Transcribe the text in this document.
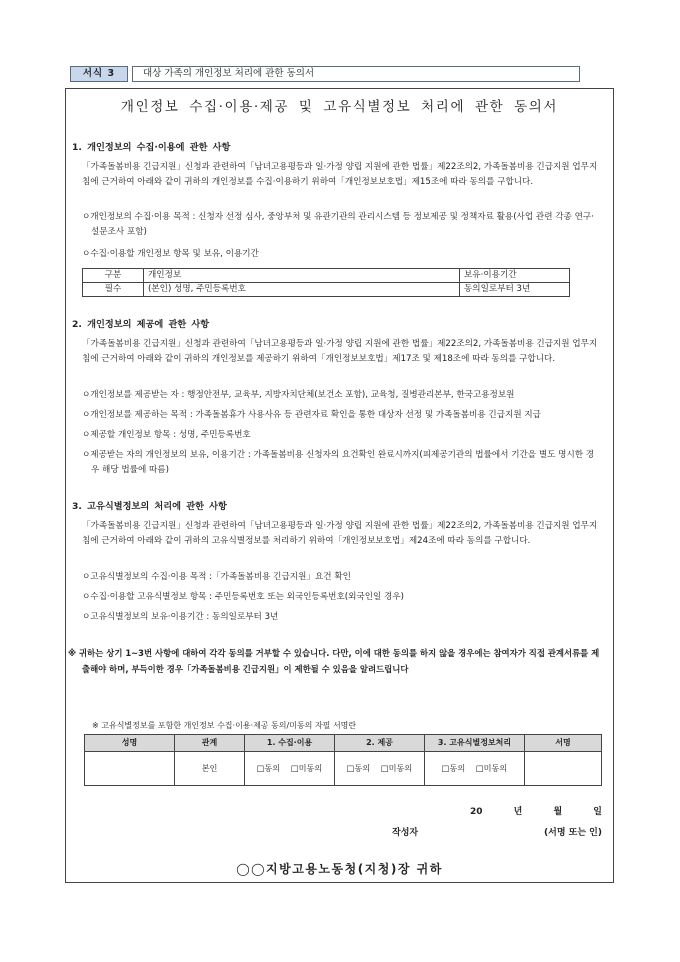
서식 3	대상 가족의 개인정보 처리에 관한 동의서
개인정보 수집·이용·제공 및 고유식별정보 처리에 관한 동의서
1. 개인정보의 수집·이용에 관한 사항
「가족돌봄비용 긴급지원」신청과 관련하여「남녀고용평등과 일·가정 양립 지원에 관한 법률」제22조의2, 가족돌봄비용 긴급지원 업무지침에 근거하여 아래와 같이 귀하의 개인정보를 수집·이용하기 위하여「개인정보보호법」제15조에 따라 동의를 구합니다.
ㅇ개인정보의 수집·이용 목적 : 신청자 선정 심사, 중앙부처 및 유관기관의 관리시스템 등 정보제공 및 정책자료 활용(사업 관련 각종 연구·설문조사 포함)
ㅇ수집·이용할 개인정보 항목 및 보유, 이용기간
구분	개인정보	보유·이용기간
필수	(본인) 성명, 주민등록번호	동의일로부터 3년
2. 개인정보의 제공에 관한 사항
「가족돌봄비용 긴급지원」신청과 관련하여「남녀고용평등과 일·가정 양립 지원에 관한 법률」제22조의2, 가족돌봄비용 긴급지원 업무지침에 근거하여 아래와 같이 귀하의 개인정보를 제공하기 위하여「개인정보보호법」제17조 및 제18조에 따라 동의를 구합니다.
ㅇ개인정보를 제공받는 자 : 행정안전부, 교육부, 지방자치단체(보건소 포함), 교육청, 질병관리본부, 한국고용정보원
ㅇ개인정보를 제공하는 목적 : 가족돌봄휴가 사용사유 등 관련자료 확인을 통한 대상자 선정 및 가족돌봄비용 긴급지원 지급
ㅇ제공할 개인정보 항목 : 성명, 주민등록번호
ㅇ제공받는 자의 개인정보의 보유, 이용기간 : 가족돌봄비용 신청자의 요건확인 완료시까지(피제공기관의 법률에서 기간을 별도 명시한 경우 해당 법률에 따름)
3. 고유식별정보의 처리에 관한 사항
「가족돌봄비용 긴급지원」신청과 관련하여「남녀고용평등과 일·가정 양립 지원에 관한 법률」제22조의2, 가족돌봄비용 긴급지원 업무지침에 근거하여 아래와 같이 귀하의 고유식별정보를 처리하기 위하여「개인정보보호법」제24조에 따라 동의를 구합니다.
ㅇ고유식별정보의 수집·이용 목적 :「가족돌봄비용 긴급지원」요건 확인
ㅇ수집·이용할 고유식별정보 항목 : 주민등록번호 또는 외국인등록번호(외국인일 경우)
ㅇ고유식별정보의 보유·이용기간 : 동의일로부터 3년
※ 귀하는 상기 1~3번 사항에 대하여 각각 동의를 거부할 수 있습니다. 다만, 이에 대한 동의를 하지 않을 경우에는 참여자가 직접 관계서류를 제출해야 하며, 부득이한 경우「가족돌봄비용 긴급지원」이 제한될 수 있음을 알려드립니다
※ 고유식별정보를 포함한 개인정보 수집·이용·제공 동의/미동의 자필 서명란
성명	관계	1. 수집·이용	2. 제공	3. 고유식별정보처리	서명
	본인	□동의 □미동의	□동의 □미동의	□동의 □미동의	
20	년	월	일
작성자	(서명 또는 인)
◯◯지방고용노동청(지청)장 귀하
